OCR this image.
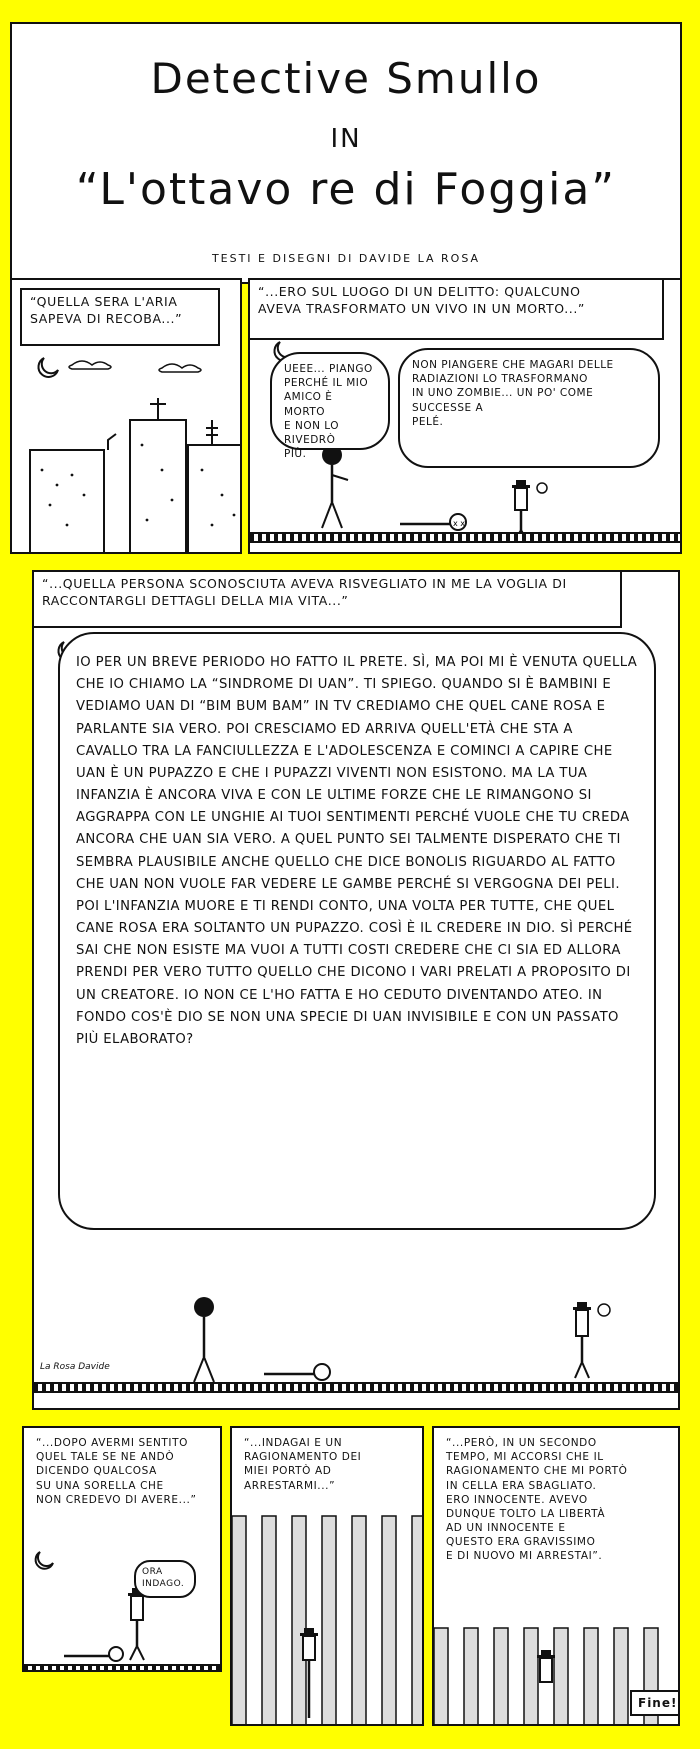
Detective Smullo
IN
“L'ottavo re di Foggia”
TESTI E DISEGNI DI DAVIDE LA ROSA
“QUELLA SERA L'ARIA
SAPEVA DI RECOBA...”
“...ERO SUL LUOGO DI UN DELITTO: QUALCUNO
AVEVA TRASFORMATO UN VIVO IN UN MORTO...”
x x
UEEE... PIANGO
PERCHÉ IL MIO
AMICO È MORTO
E NON LO RIVEDRÒ
PIÙ.
NON PIANGERE CHE MAGARI DELLE
RADIAZIONI LO TRASFORMANO
IN UNO ZOMBIE... UN PO' COME
SUCCESSE A
PELÉ.
“...QUELLA PERSONA SCONOSCIUTA AVEVA RISVEGLIATO IN ME LA VOGLIA DI
RACCONTARGLI DETTAGLI DELLA MIA VITA...”
IO PER UN BREVE PERIODO HO FATTO IL PRETE. SÌ, MA POI MI È VENUTA QUELLA CHE IO CHIAMO LA “SINDROME DI UAN”. TI SPIEGO. QUANDO SI È BAMBINI E VEDIAMO UAN DI “BIM BUM BAM” IN TV CREDIAMO CHE QUEL CANE ROSA E PARLANTE SIA VERO. POI CRESCIAMO ED ARRIVA QUELL'ETÀ CHE STA A CAVALLO TRA LA FANCIULLEZZA E L'ADOLESCENZA E COMINCI A CAPIRE CHE UAN È UN PUPAZZO E CHE I PUPAZZI VIVENTI NON ESISTONO. MA LA TUA INFANZIA È ANCORA VIVA E CON LE ULTIME FORZE CHE LE RIMANGONO SI AGGRAPPA CON LE UNGHIE AI TUOI SENTIMENTI PERCHÉ VUOLE CHE TU CREDA ANCORA CHE UAN SIA VERO. A QUEL PUNTO SEI TALMENTE DISPERATO CHE TI SEMBRA PLAUSIBILE ANCHE QUELLO CHE DICE BONOLIS RIGUARDO AL FATTO CHE UAN NON VUOLE FAR VEDERE LE GAMBE PERCHÉ SI VERGOGNA DEI PELI. POI L'INFANZIA MUORE E TI RENDI CONTO, UNA VOLTA PER TUTTE, CHE QUEL CANE ROSA ERA SOLTANTO UN PUPAZZO. COSÌ È IL CREDERE IN DIO. SÌ PERCHÉ SAI CHE NON ESISTE MA VUOI A TUTTI COSTI CREDERE CHE CI SIA ED ALLORA PRENDI PER VERO TUTTO QUELLO CHE DICONO I VARI PRELATI A PROPOSITO DI UN CREATORE. IO NON CE L'HO FATTA E HO CEDUTO DIVENTANDO ATEO. IN FONDO COS'È DIO SE NON UNA SPECIE DI UAN INVISIBILE E CON UN PASSATO PIÙ ELABORATO?
La Rosa Davide
“...DOPO AVERMI SENTITO
QUEL TALE SE NE ANDÒ
DICENDO QUALCOSA
SU UNA SORELLA CHE
NON CREDEVO DI AVERE...”
ORA
INDAGO.
“...INDAGAI E UN
RAGIONAMENTO DEI
MIEI PORTÒ AD
ARRESTARMI...”
“...PERÒ, IN UN SECONDO
TEMPO, MI ACCORSI CHE IL
RAGIONAMENTO CHE MI PORTÒ
IN CELLA ERA SBAGLIATO.
ERO INNOCENTE. AVEVO
DUNQUE TOLTO LA LIBERTÀ
AD UN INNOCENTE E
QUESTO ERA GRAVISSIMO
E DI NUOVO MI ARRESTAI”.
Fine!
